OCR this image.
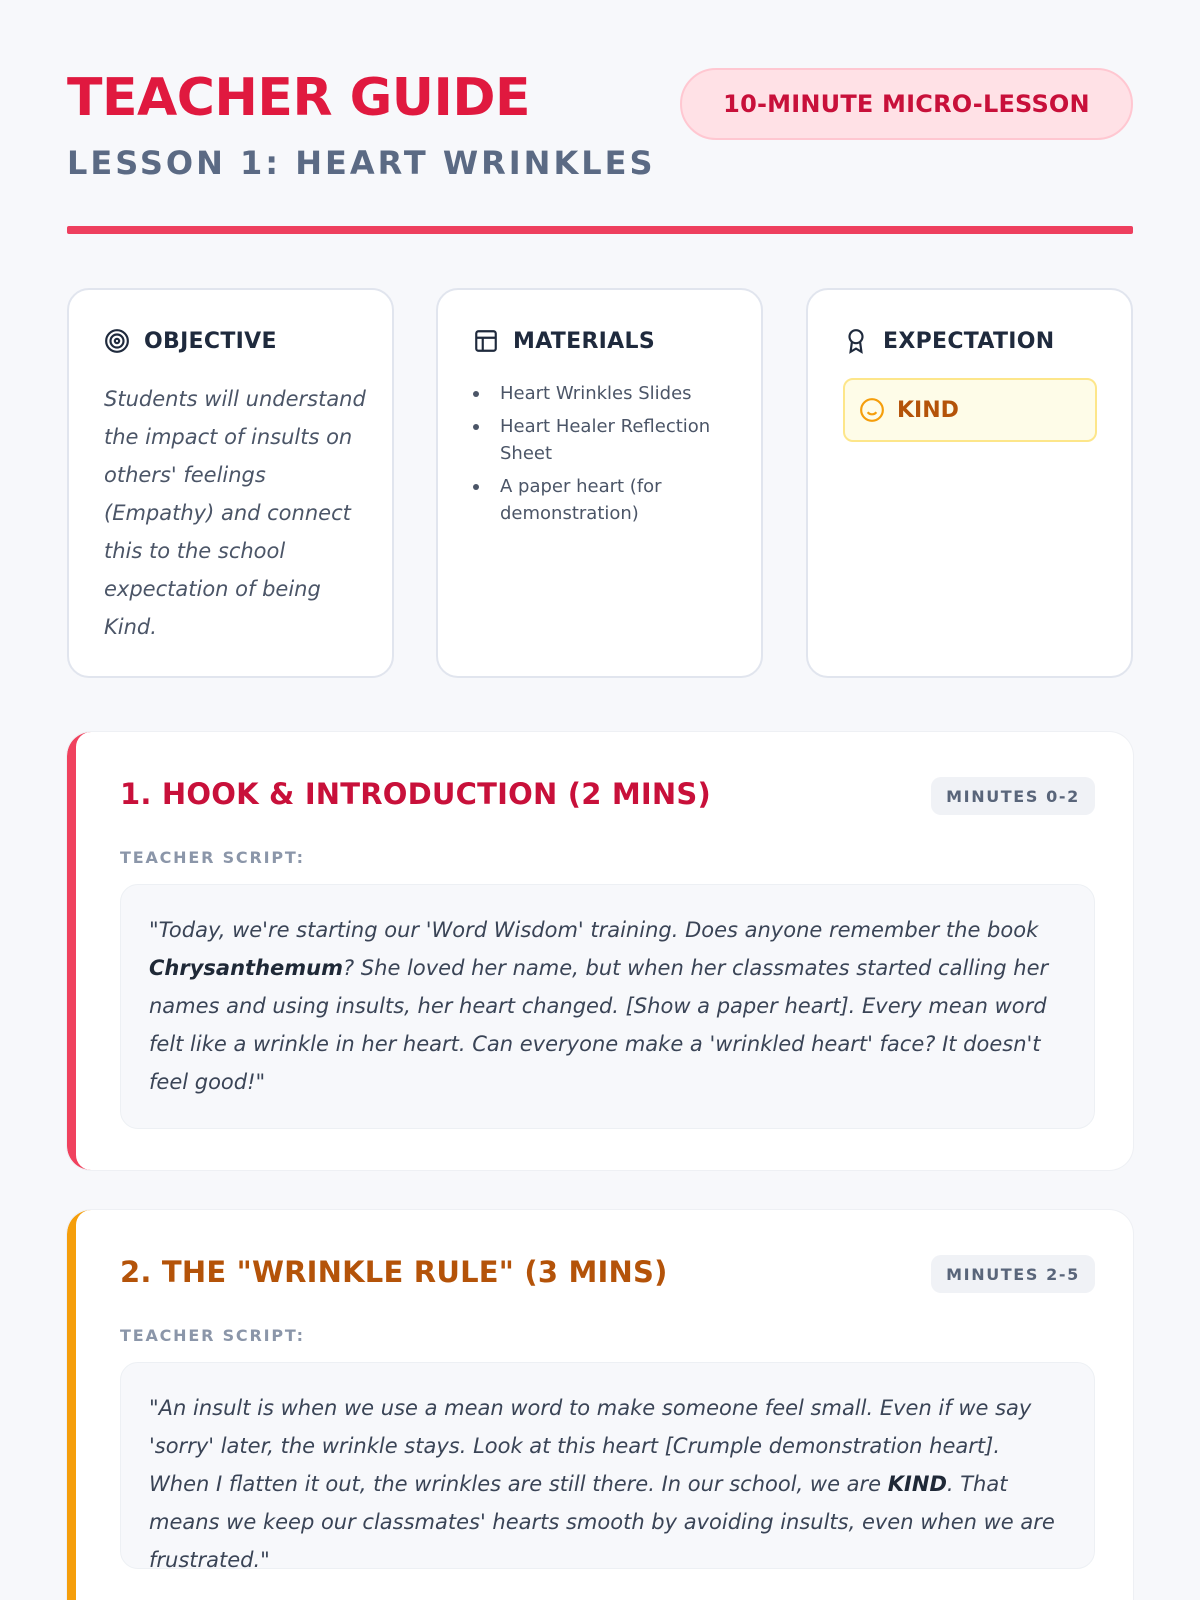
TEACHER GUIDE
LESSON 1: HEART WRINKLES
10-MINUTE MICRO-LESSON
OBJECTIVE
Students will understand the impact of insults on others' feelings (Empathy) and connect this to the school expectation of being Kind.
MATERIALS
Heart Wrinkles Slides
Heart Healer Reflection Sheet
A paper heart (for demonstration)
EXPECTATION
KIND
1. HOOK & INTRODUCTION (2 MINS)	MINUTES 0-2
TEACHER SCRIPT:
"Today, we're starting our 'Word Wisdom' training. Does anyone remember the book Chrysanthemum? She loved her name, but when her classmates started calling her names and using insults, her heart changed. [Show a paper heart]. Every mean word felt like a wrinkle in her heart. Can everyone make a 'wrinkled heart' face? It doesn't feel good!"
2. THE "WRINKLE RULE" (3 MINS)	MINUTES 2-5
TEACHER SCRIPT:
"An insult is when we use a mean word to make someone feel small. Even if we say 'sorry' later, the wrinkle stays. Look at this heart [Crumple demonstration heart]. When I flatten it out, the wrinkles are still there. In our school, we are KIND. That means we keep our classmates' hearts smooth by avoiding insults, even when we are frustrated."
